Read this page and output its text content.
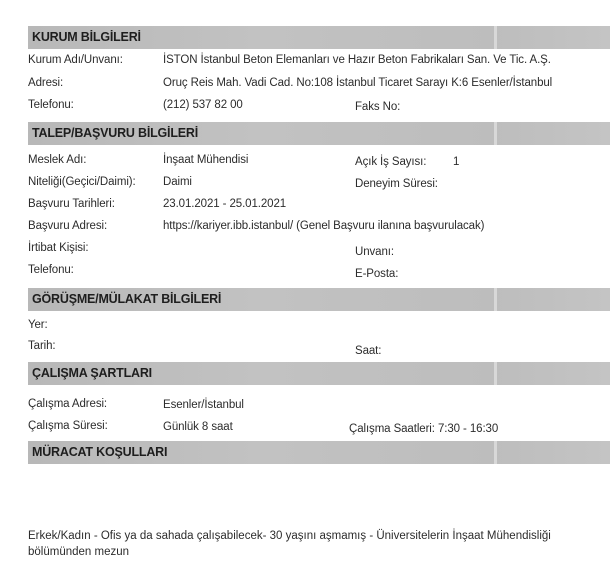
KURUM BİLGİLERİ
Kurum Adı/Unvanı:	İSTON İstanbul Beton Elemanları ve Hazır Beton Fabrikaları San. Ve Tic. A.Ş.
Adresi:	Oruç Reis Mah. Vadi Cad. No:108 İstanbul Ticaret Sarayı K:6 Esenler/İstanbul
Telefonu:	(212) 537 82 00	Faks No:
TALEP/BAŞVURU BİLGİLERİ
Meslek Adı:	İnşaat Mühendisi	Açık İş Sayısı: 1
Niteliği(Geçici/Daimi): Daimi	Deneyim Süresi:
Başvuru Tarihleri:	23.01.2021 - 25.01.2021
Başvuru Adresi:	https://kariyer.ibb.istanbul/ (Genel Başvuru ilanına başvurulacak)
İrtibat Kişisi:	Unvanı:
Telefonu:	E-Posta:
GÖRÜŞME/MÜLAKAT BİLGİLERİ
Yer:
Tarih:	Saat:
ÇALIŞMA ŞARTLARI
Çalışma Adresi:	Esenler/İstanbul
Çalışma Süresi:	Günlük 8 saat	Çalışma Saatleri: 7:30 - 16:30
MÜRACAT KOŞULLARI
Erkek/Kadın - Ofis ya da sahada çalışabilecek- 30 yaşını aşmamış - Üniversitelerin İnşaat Mühendisliği
bölümünden mezun
